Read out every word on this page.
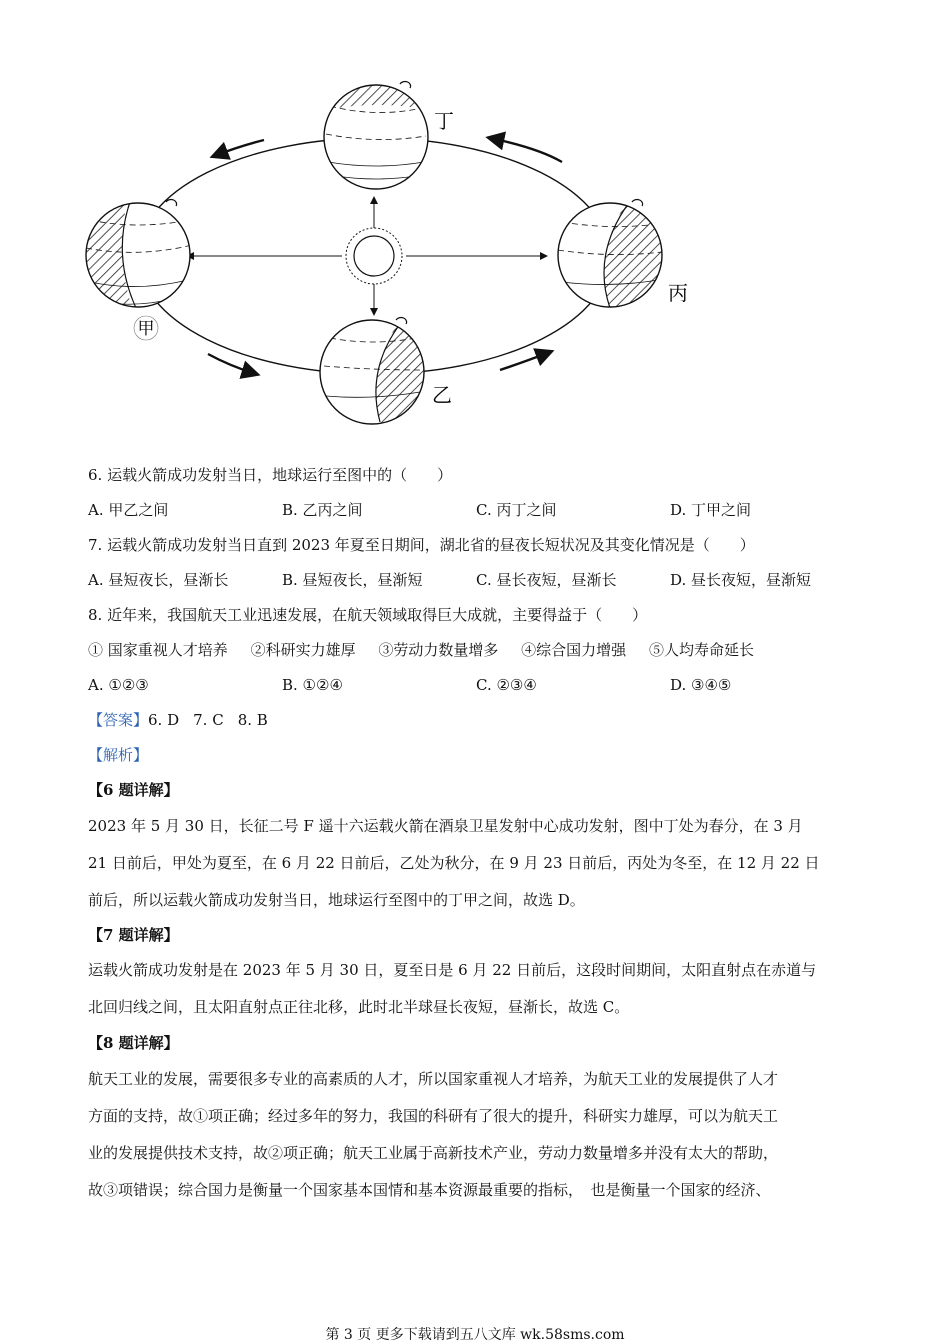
甲
乙
丙
丁
6. 运载火箭成功发射当日，地球运行至图中的（　　）
A. 甲乙之间	B. 乙丙之间	C. 丙丁之间	D. 丁甲之间
7. 运载火箭成功发射当日直到 2023 年夏至日期间，湖北省的昼夜长短状况及其变化情况是（　　）
A. 昼短夜长，昼渐长	B. 昼短夜长，昼渐短	C. 昼长夜短，昼渐长	D. 昼长夜短，昼渐短
8. 近年来，我国航天工业迅速发展，在航天领域取得巨大成就，主要得益于（　　）
① 国家重视人才培养 ②科研实力雄厚 ③劳动力数量增多 ④综合国力增强 ⑤人均寿命延长
A. ①②③	B. ①②④	C. ②③④	D. ③④⑤
【答案】6. D 7. C 8. B
【解析】
【6 题详解】
2023 年 5 月 30 日，长征二号 F 遥十六运载火箭在酒泉卫星发射中心成功发射，图中丁处为春分，在 3 月
21 日前后，甲处为夏至，在 6 月 22 日前后，乙处为秋分，在 9 月 23 日前后，丙处为冬至，在 12 月 22 日
前后，所以运载火箭成功发射当日，地球运行至图中的丁甲之间，故选 D。
【7 题详解】
运载火箭成功发射是在 2023 年 5 月 30 日，夏至日是 6 月 22 日前后，这段时间期间，太阳直射点在赤道与
北回归线之间，且太阳直射点正往北移，此时北半球昼长夜短，昼渐长，故选 C。
【8 题详解】
航天工业的发展，需要很多专业的高素质的人才，所以国家重视人才培养，为航天工业的发展提供了人才
方面的支持，故①项正确；经过多年的努力，我国的科研有了很大的提升，科研实力雄厚，可以为航天工
业的发展提供技术支持，故②项正确；航天工业属于高新技术产业，劳动力数量增多并没有太大的帮助，
故③项错误；综合国力是衡量一个国家基本国情和基本资源最重要的指标，　也是衡量一个国家的经济、
第 3 页 更多下载请到五八文库 wk.58sms.com
